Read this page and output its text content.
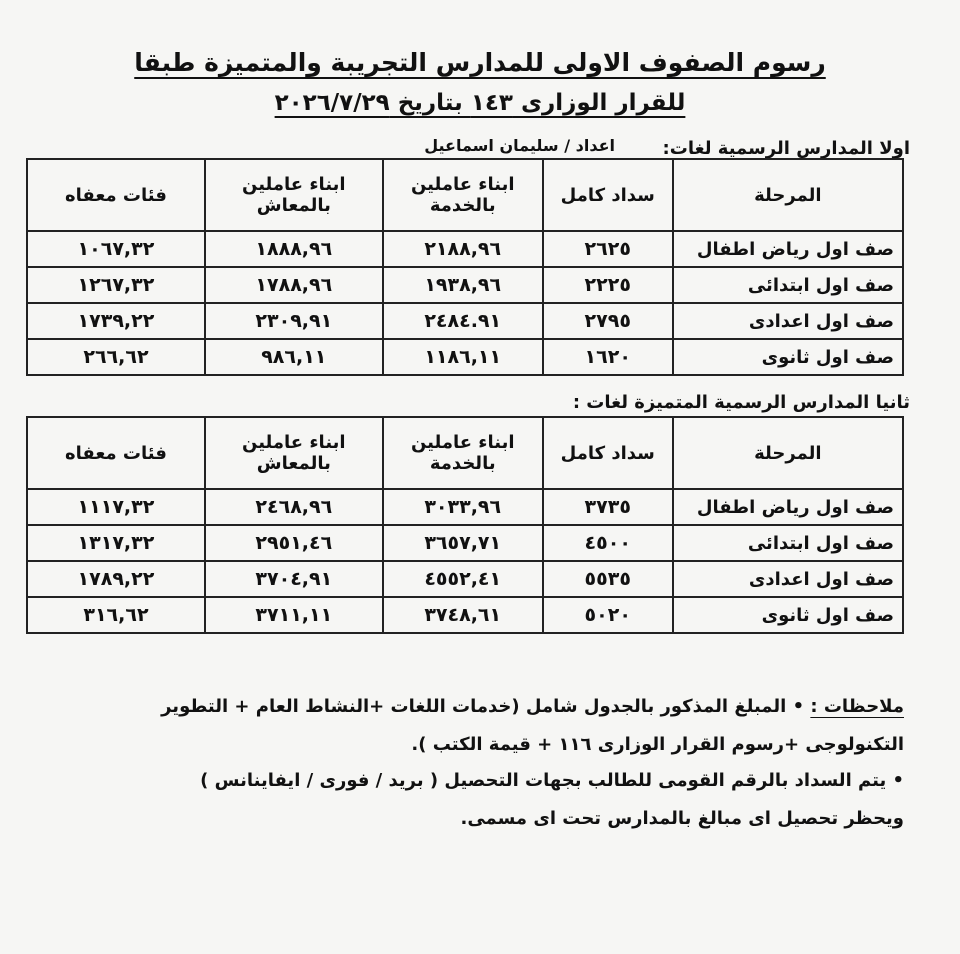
رسوم الصفوف الاولى للمدارس التجريبة والمتميزة طبقا
للقرار الوزارى ١٤٣ بتاريخ ٢٠٢٦/٧/٢٩
اولا المدارس الرسمية لغات:
اعداد / سليمان اسماعيل
المرحلة	سداد كامل	ابناء عاملين بالخدمة	ابناء عاملين بالمعاش	فئات معفاه
صف اول رياض اطفال	٢٦٢٥	٢١٨٨,٩٦	١٨٨٨,٩٦	١٠٦٧,٣٢
صف اول ابتدائى	٢٢٢٥	١٩٣٨,٩٦	١٧٨٨,٩٦	١٢٦٧,٣٢
صف اول اعدادى	٢٧٩٥	٢٤٨٤.٩١	٢٣٠٩,٩١	١٧٣٩,٢٢
صف اول ثانوى	١٦٢٠	١١٨٦,١١	٩٨٦,١١	٢٦٦,٦٢
ثانيا المدارس الرسمية المتميزة لغات :
المرحلة	سداد كامل	ابناء عاملين بالخدمة	ابناء عاملين بالمعاش	فئات معفاه
صف اول رياض اطفال	٣٧٣٥	٣٠٣٣,٩٦	٢٤٦٨,٩٦	١١١٧,٣٢
صف اول ابتدائى	٤٥٠٠	٣٦٥٧,٧١	٢٩٥١,٤٦	١٣١٧,٣٢
صف اول اعدادى	٥٥٣٥	٤٥٥٢,٤١	٣٧٠٤,٩١	١٧٨٩,٢٢
صف اول ثانوى	٥٠٢٠	٣٧٤٨,٦١	٣٧١١,١١	٣١٦,٦٢

ملاحظات : • المبلغ المذكور بالجدول شامل (خدمات اللغات +النشاط العام + التطوير

التكنولوجى +رسوم القرار الوزارى ١١٦ + قيمة الكتب ).

• يتم السداد بالرقم القومى للطالب بجهات التحصيل ( بريد / فورى / ايفاينانس )

ويحظر تحصيل اى مبالغ بالمدارس تحت اى مسمى.
